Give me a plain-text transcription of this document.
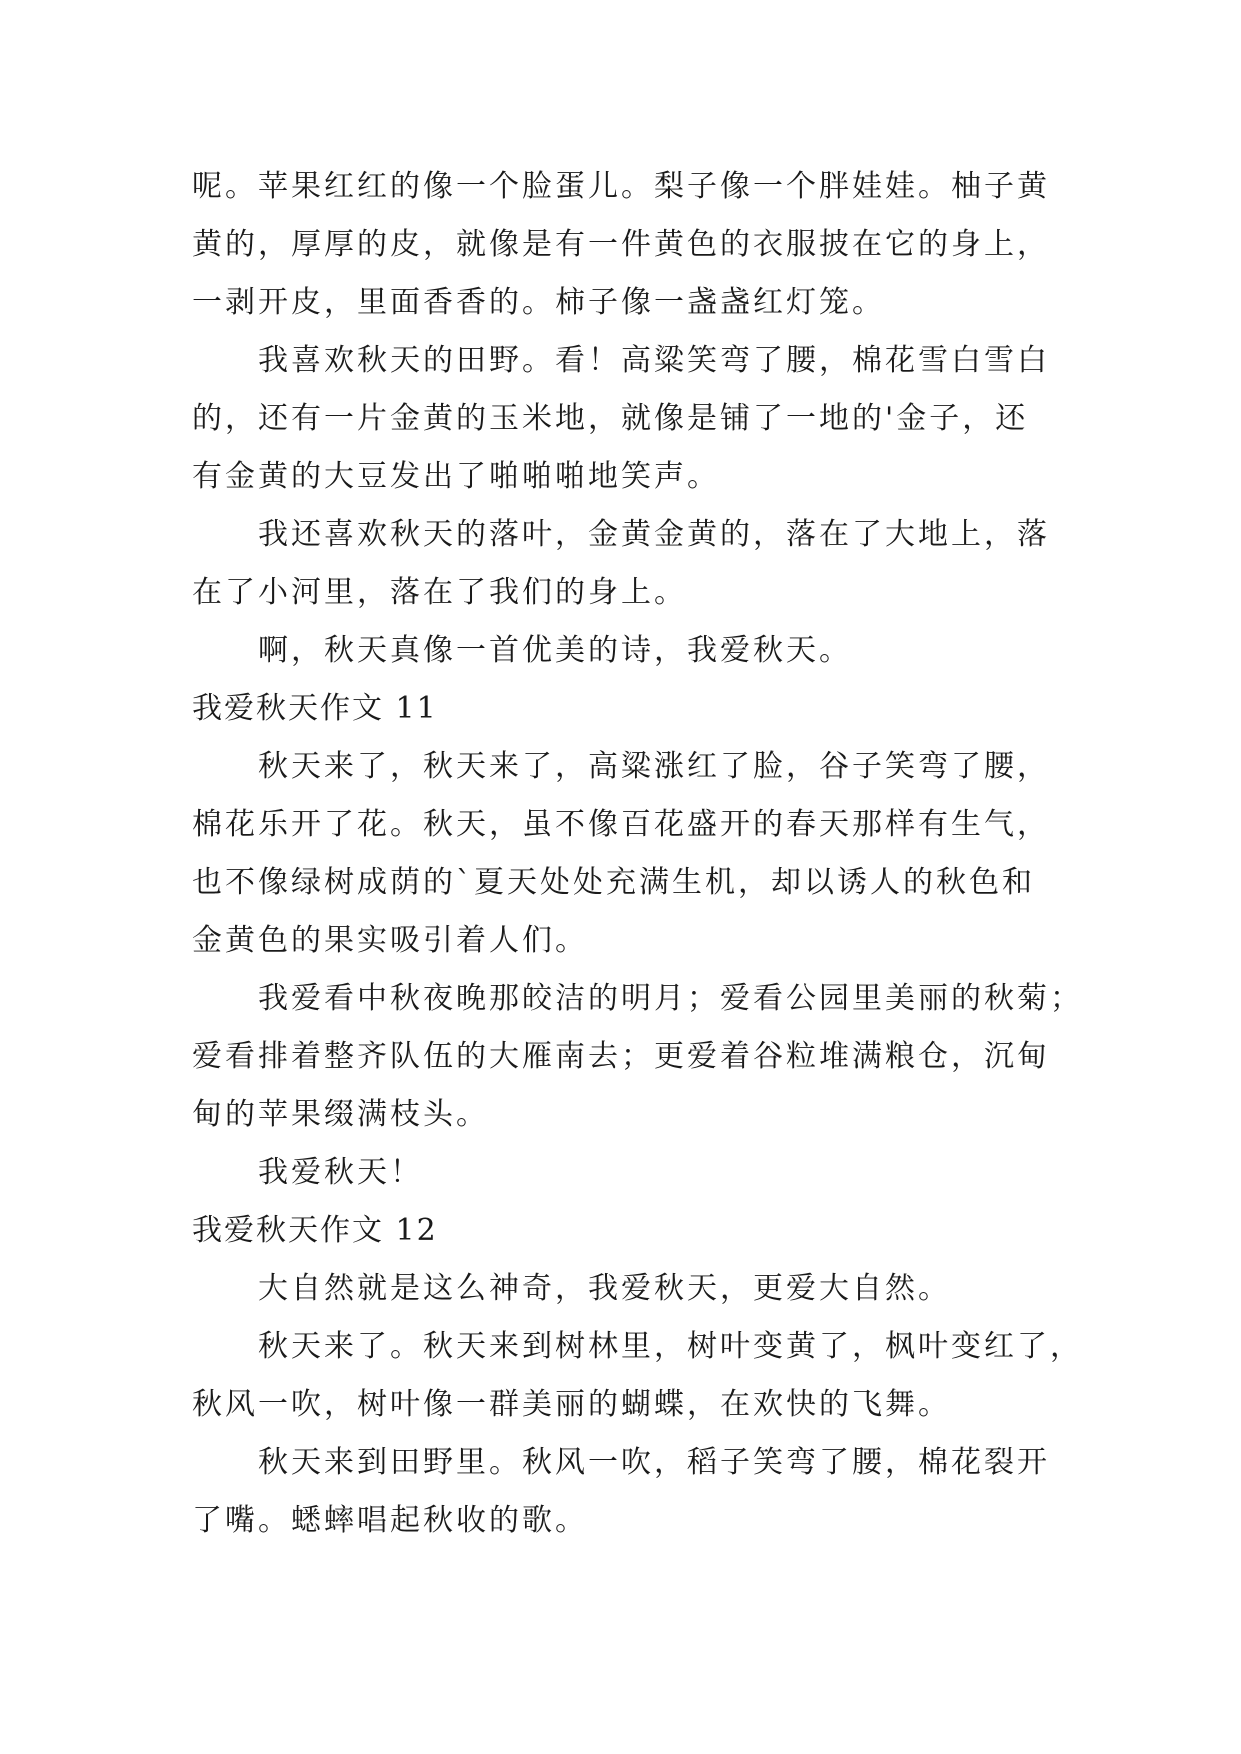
呢。苹果红红的像一个脸蛋儿。梨子像一个胖娃娃。柚子黄
黄的，厚厚的皮，就像是有一件黄色的衣服披在它的身上，
一剥开皮，里面香香的。柿子像一盏盏红灯笼。
我喜欢秋天的田野。看！高粱笑弯了腰，棉花雪白雪白
的，还有一片金黄的玉米地，就像是铺了一地的'金子，还
有金黄的大豆发出了啪啪啪地笑声。
我还喜欢秋天的落叶，金黄金黄的，落在了大地上，落
在了小河里，落在了我们的身上。
啊，秋天真像一首优美的诗，我爱秋天。
我爱秋天作文 11
秋天来了，秋天来了，高粱涨红了脸，谷子笑弯了腰，
棉花乐开了花。秋天，虽不像百花盛开的春天那样有生气，
也不像绿树成荫的`夏天处处充满生机，却以诱人的秋色和
金黄色的果实吸引着人们。
我爱看中秋夜晚那皎洁的明月；爱看公园里美丽的秋菊；
爱看排着整齐队伍的大雁南去；更爱着谷粒堆满粮仓，沉甸
甸的苹果缀满枝头。
我爱秋天！
我爱秋天作文 12
大自然就是这么神奇，我爱秋天，更爱大自然。
秋天来了。秋天来到树林里，树叶变黄了，枫叶变红了，
秋风一吹，树叶像一群美丽的蝴蝶，在欢快的飞舞。
秋天来到田野里。秋风一吹，稻子笑弯了腰，棉花裂开
了嘴。蟋蟀唱起秋收的歌。
